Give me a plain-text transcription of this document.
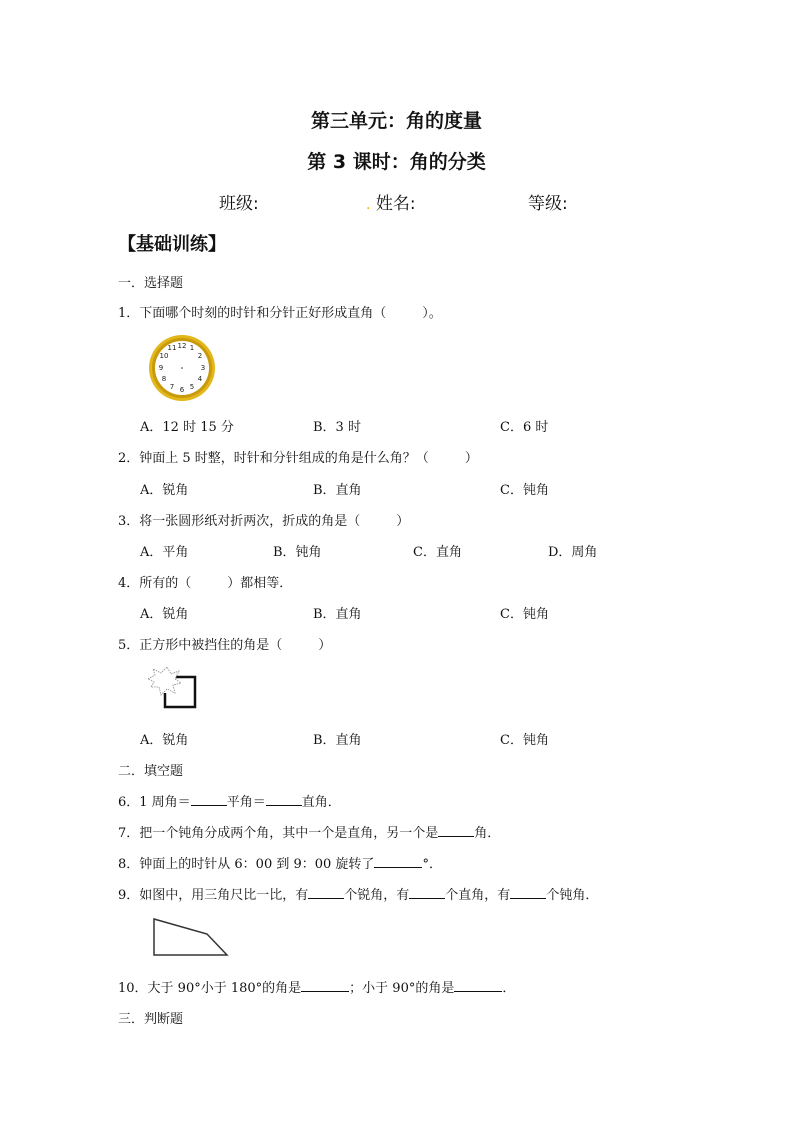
第三单元：角的度量
第 3 课时：角的分类
班级:	. 姓名:	等级:
【基础训练】
一．选择题
1．下面哪个时刻的时针和分针正好形成直角（	）。
12 1
2
3
4
5
6
7
8
9
10
11
A．12 时 15 分	B．3 时	C．6 时
2．钟面上 5 时整，时针和分针组成的角是什么角？（	）
A．锐角	B．直角	C．钝角
3．将一张圆形纸对折两次，折成的角是（	）
A．平角	B．钝角	C．直角	D．周角
4．所有的（	）都相等．
A．锐角	B．直角	C．钝角
5．正方形中被挡住的角是（	）
A．锐角	B．直角	C．钝角
二．填空题
6．1 周角＝	平角＝	直角．
7．把一个钝角分成两个角，其中一个是直角，另一个是	角．
8．钟面上的时针从 6：00 到 9：00 旋转了	°．
9．如图中，用三角尺比一比，有	个锐角，有	个直角，有	个钝角．
10．大于 90°小于 180°的角是	；小于 90°的角是	．
三．判断题
